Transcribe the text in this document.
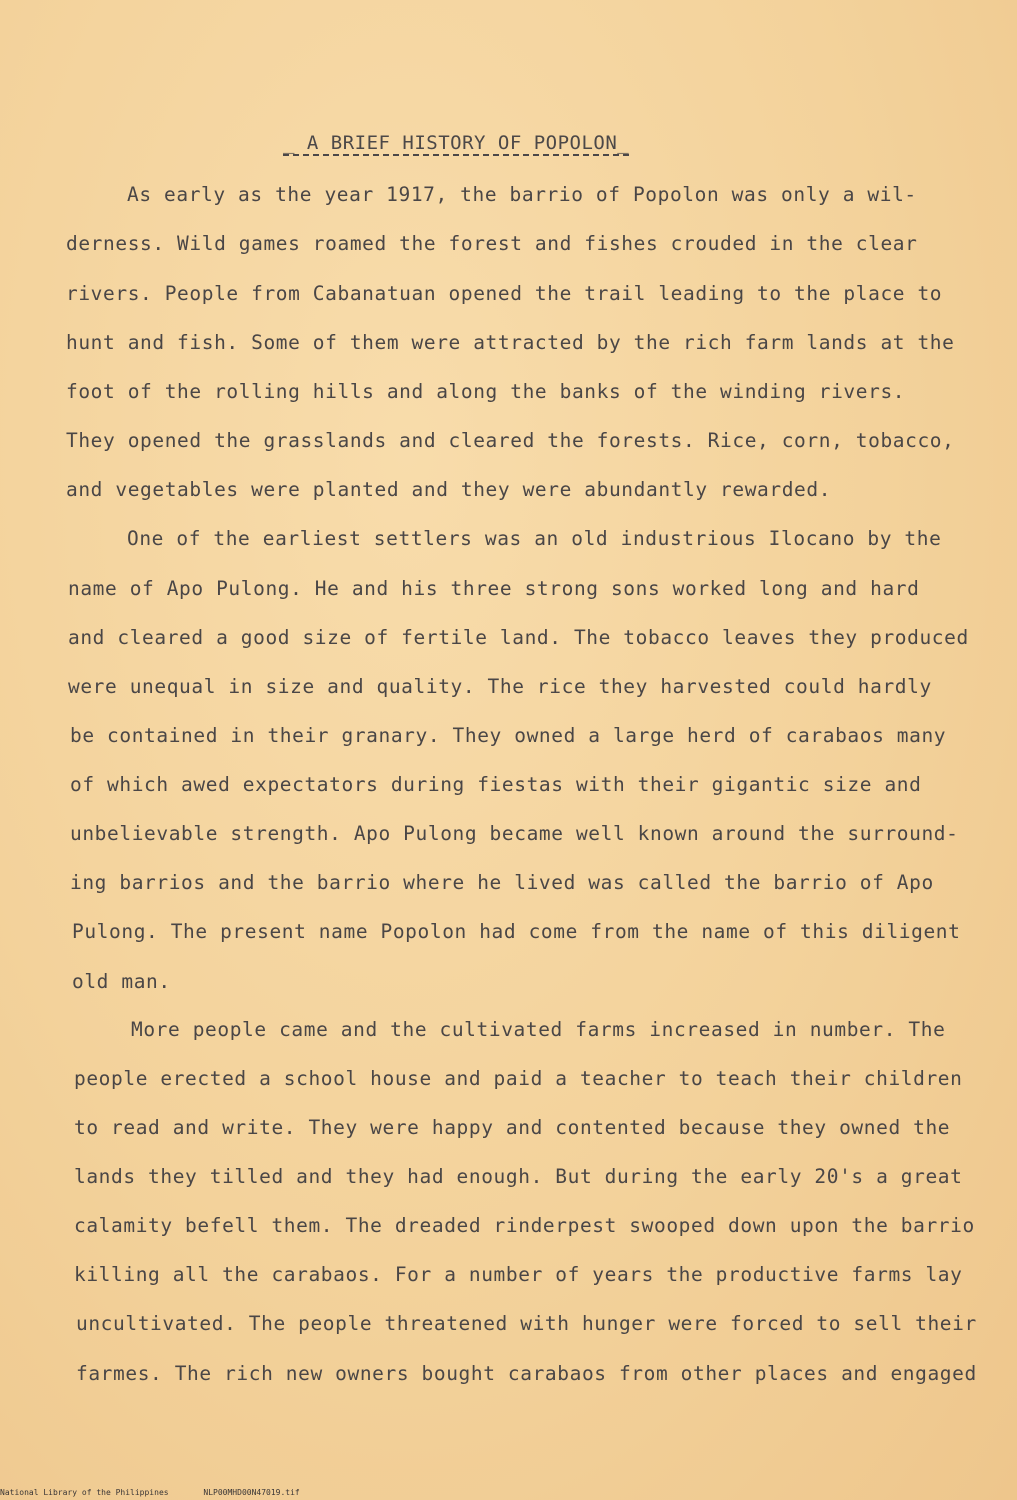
_ A BRIEF HISTORY OF POPOLON_
As early as the year 1917, the barrio of Popolon was only a wil-
derness. Wild games roamed the forest and fishes crouded in the clear
rivers. People from Cabanatuan opened the trail leading to the place to
hunt and fish. Some of them were attracted by the rich farm lands at the
foot of the rolling hills and along the banks of the winding rivers.
They opened the grasslands and cleared the forests. Rice, corn, tobacco,
and vegetables were planted and they were abundantly rewarded.
One of the earliest settlers was an old industrious Ilocano by the
name of Apo Pulong. He and his three strong sons worked long and hard
and cleared a good size of fertile land. The tobacco leaves they produced
were unequal in size and quality. The rice they harvested could hardly
be contained in their granary. They owned a large herd of carabaos many
of which awed expectators during fiestas with their gigantic size and
unbelievable strength. Apo Pulong became well known around the surround-
ing barrios and the barrio where he lived was called the barrio of Apo
Pulong. The present name Popolon had come from the name of this diligent
old man.
More people came and the cultivated farms increased in number. The
people erected a school house and paid a teacher to teach their children
to read and write. They were happy and contented because they owned the
lands they tilled and they had enough. But during the early 20's a great
calamity befell them. The dreaded rinderpest swooped down upon the barrio
killing all the carabaos. For a number of years the productive farms lay
uncultivated. The people threatened with hunger were forced to sell their
farmes. The rich new owners bought carabaos from other places and engaged
National Library of the Philippines	NLP00MHD00N47019.tif
